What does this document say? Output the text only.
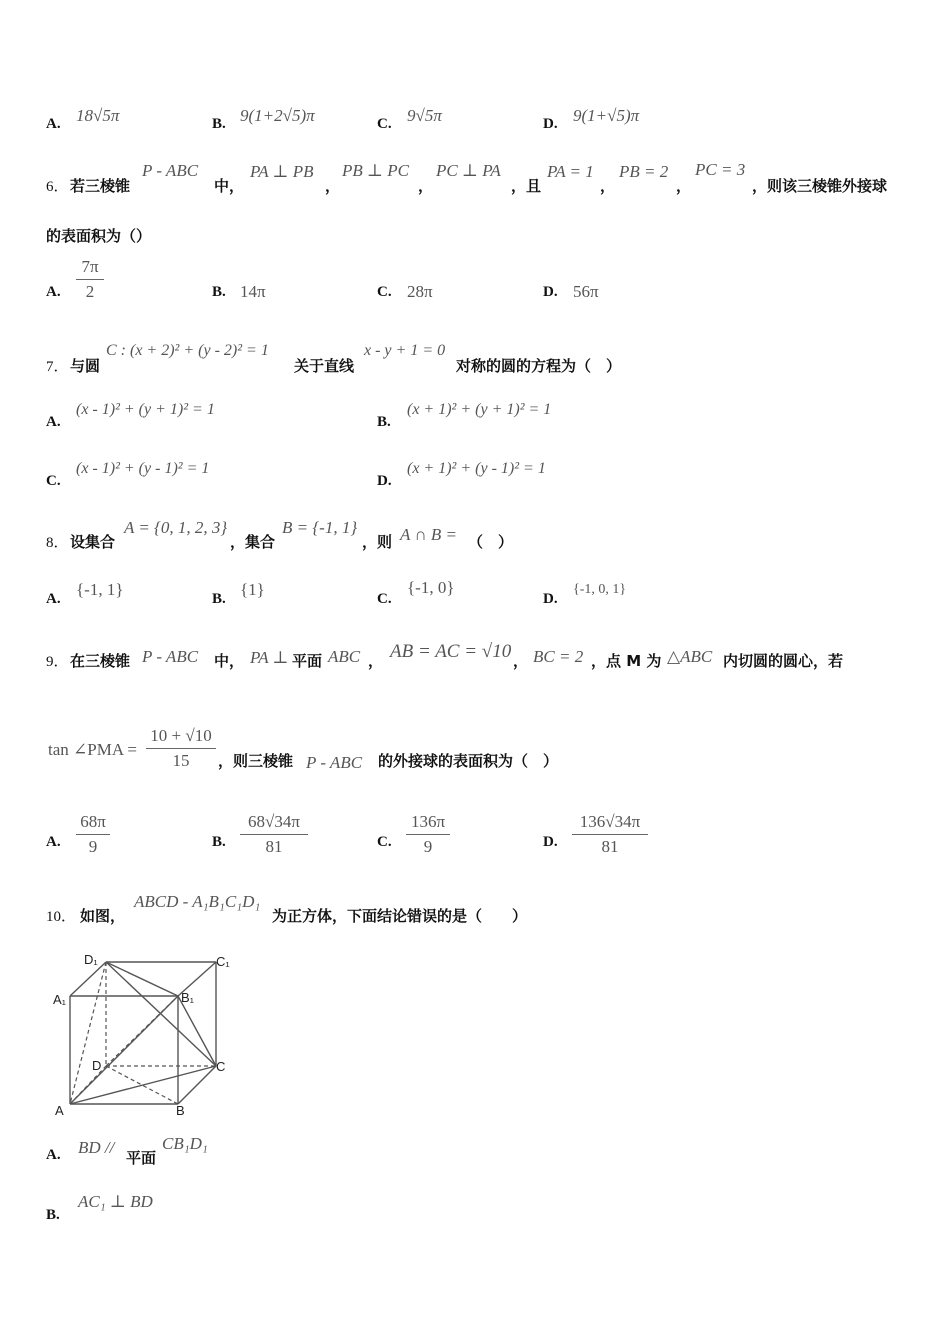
A. 18√5π	B. 9(1+2√5)π	C. 9√5π	D. 9(1+√5)π
6． 若三棱锥
P - ABC
中，
PA ⊥ PB
，
PB ⊥ PC
，
PC ⊥ PA
，且
PA = 1
，
PB = 2
，
PC = 3
，则该三棱锥外接球
的表面积为（）
A.
7π
2	B. 14π	C. 28π	D. 56π
7． 与圆
C : (x + 2)² + (y - 2)² = 1
关于直线
x - y + 1 = 0
对称的圆的方程为（　）
A.
(x - 1)² + (y + 1)² = 1
B.
(x + 1)² + (y + 1)² = 1
C.
(x - 1)² + (y - 1)² = 1
D.
(x + 1)² + (y - 1)² = 1
8． 设集合
A = {0, 1, 2, 3}
，集合
B = {-1, 1}
，则 A ∩ B = （　）
A. {-1, 1}	B. {1}	C.
{-1, 0}
D.
{-1, 0, 1}
9． 在三棱锥 P - ABC 中， PA ⊥ 平面 ABC ， AB = AC = √10 ， BC = 2 ，点 M 为 △ABC 内切圆的圆心，若
tan ∠PMA =
10 + √10
15	，则三棱锥 P - ABC 的外接球的表面积为（　）
A.
68π
9	B.
68√34π
81	C.
136π
9	D.
136√34π
81
10． 如图，
ABCD - A₁B₁C₁D₁
为正方体，下面结论错误的是（　　）
D₁	C₁
A₁	B₁
D	C
A	B
A. BD //
平面
CB₁D₁
B.
AC₁ ⊥ BD
